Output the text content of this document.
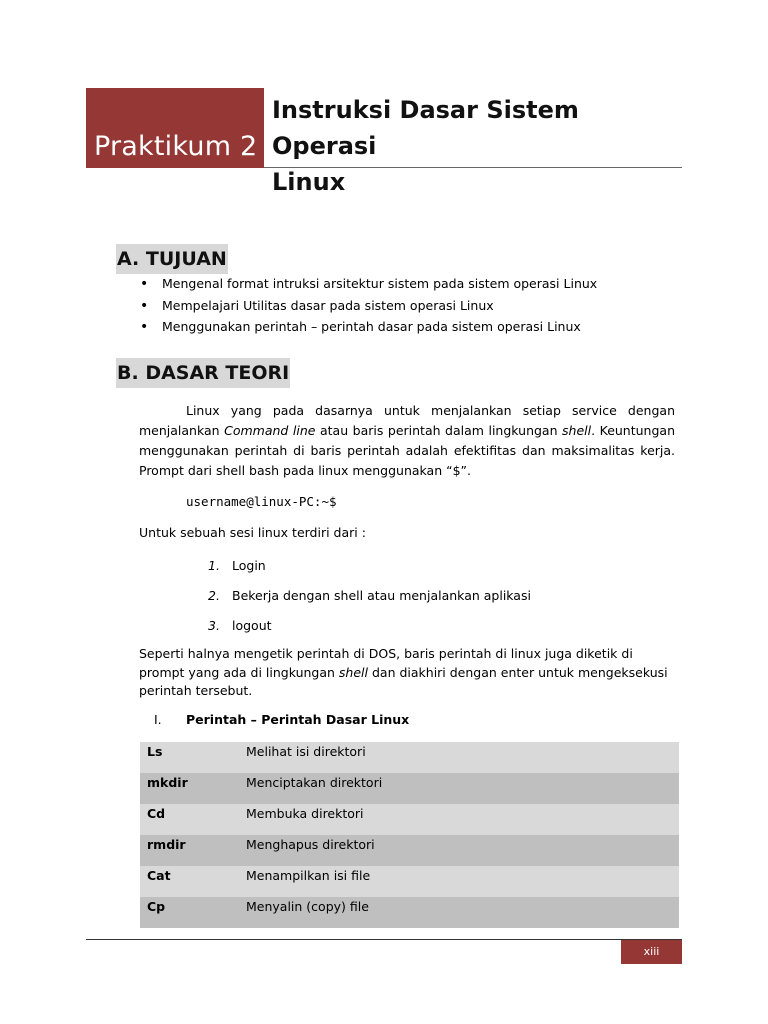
Praktikum 2
Instruksi Dasar Sistem Operasi
Linux
A. TUJUAN
• Mengenal format intruksi arsitektur sistem pada sistem operasi Linux
• Mempelajari Utilitas dasar pada sistem operasi Linux
• Menggunakan perintah – perintah dasar pada sistem operasi Linux
B. DASAR TEORI
Linux yang pada dasarnya untuk menjalankan setiap service dengan menjalankan Command line atau baris perintah dalam lingkungan shell. Keuntungan menggunakan perintah di baris perintah adalah efektifitas dan maksimalitas kerja. Prompt dari shell bash pada linux menggunakan “$”.
username@linux-PC:~$
Untuk sebuah sesi linux terdiri dari :
1. Login
2. Bekerja dengan shell atau menjalankan aplikasi
3. logout
Seperti halnya mengetik perintah di DOS, baris perintah di linux juga diketik di prompt yang ada di lingkungan shell dan diakhiri dengan enter untuk mengeksekusi perintah tersebut.
I. Perintah – Perintah Dasar Linux
Ls	Melihat isi direktori
mkdir	Menciptakan direktori
Cd	Membuka direktori
rmdir	Menghapus direktori
Cat	Menampilkan isi file
Cp	Menyalin (copy) file
xiii
